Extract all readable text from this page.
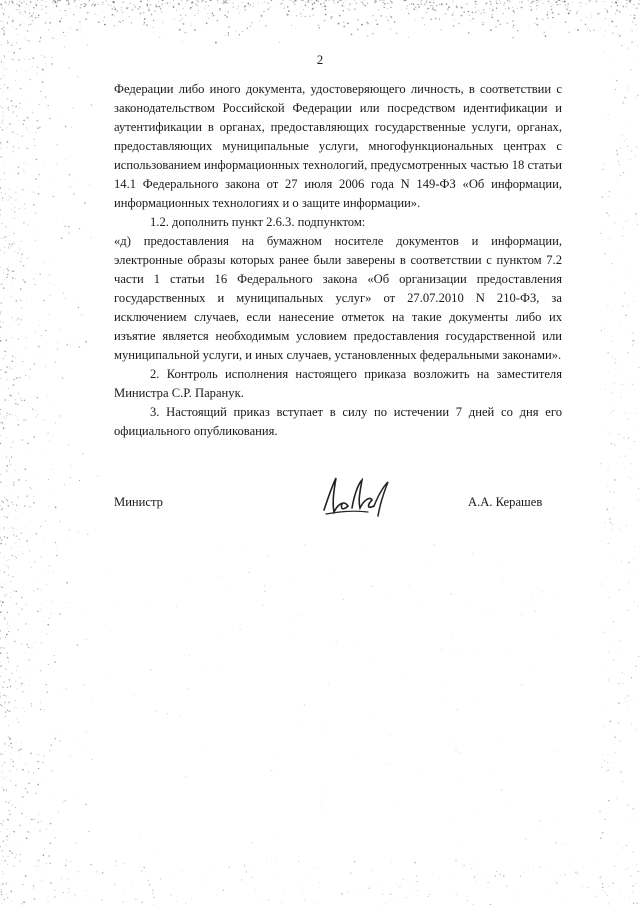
2

Федерации либо иного документа, удостоверяющего личность, в соответствии с законодательством Российской Федерации или посредством идентификации и аутентификации в органах, предоставляющих государственные услуги, органах, предоставляющих муниципальные услуги, многофункциональных центрах с использованием информационных технологий, предусмотренных частью 18 статьи 14.1 Федерального закона от 27 июля 2006 года N 149-ФЗ «Об информации, информационных технологиях и о защите информации».

1.2. дополнить пункт 2.6.3. подпунктом:

«д) предоставления на бумажном носителе документов и информации, электронные образы которых ранее были заверены в соответствии с пунктом 7.2 части 1 статьи 16 Федерального закона «Об организации предоставления государственных и муниципальных услуг» от 27.07.2010 N 210-ФЗ, за исключением случаев, если нанесение отметок на такие документы либо их изъятие является необходимым условием предоставления государственной или муниципальной услуги, и иных случаев, установленных федеральными законами».

2. Контроль исполнения настоящего приказа возложить на заместителя Министра С.Р. Паранук.

3. Настоящий приказ вступает в силу по истечении 7 дней со дня его официального опубликования.

Министр	А.А. Керашев
